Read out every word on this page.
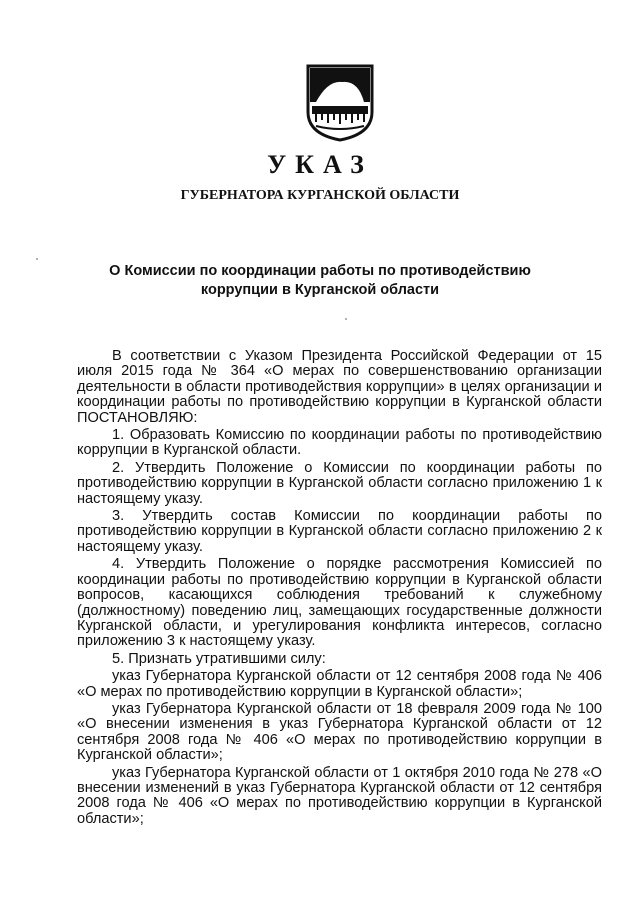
УКАЗ
ГУБЕРНАТОРА КУРГАНСКОЙ ОБЛАСТИ
О Комиссии по координации работы по противодействию
коррупции в Курганской области

В соответствии с Указом Президента Российской Федерации от 15 июля 2015 года № 364 «О мерах по совершенствованию организации деятельности в области противодействия коррупции» в целях организации и координации работы по противодействию коррупции в Курганской области ПОСТАНОВЛЯЮ:

1. Образовать Комиссию по координации работы по противодействию коррупции в Курганской области.

2. Утвердить Положение о Комиссии по координации работы по противодействию коррупции в Курганской области согласно приложению 1 к настоящему указу.

3. Утвердить состав Комиссии по координации работы по противодействию коррупции в Курганской области согласно приложению 2 к настоящему указу.

4. Утвердить Положение о порядке рассмотрения Комиссией по координации работы по противодействию коррупции в Курганской области вопросов, касающихся соблюдения требований к служебному (должностному) поведению лиц, замещающих государственные должности Курганской области, и урегулирования конфликта интересов, согласно приложению 3 к настоящему указу.

5. Признать утратившими силу:

указ Губернатора Курганской области от 12 сентября 2008 года № 406 «О мерах по противодействию коррупции в Курганской области»;

указ Губернатора Курганской области от 18 февраля 2009 года № 100 «О внесении изменения в указ Губернатора Курганской области от 12 сентября 2008 года № 406 «О мерах по противодействию коррупции в Курганской области»;

указ Губернатора Курганской области от 1 октября 2010 года № 278 «О внесении изменений в указ Губернатора Курганской области от 12 сентября 2008 года № 406 «О мерах по противодействию коррупции в Курганской области»;
